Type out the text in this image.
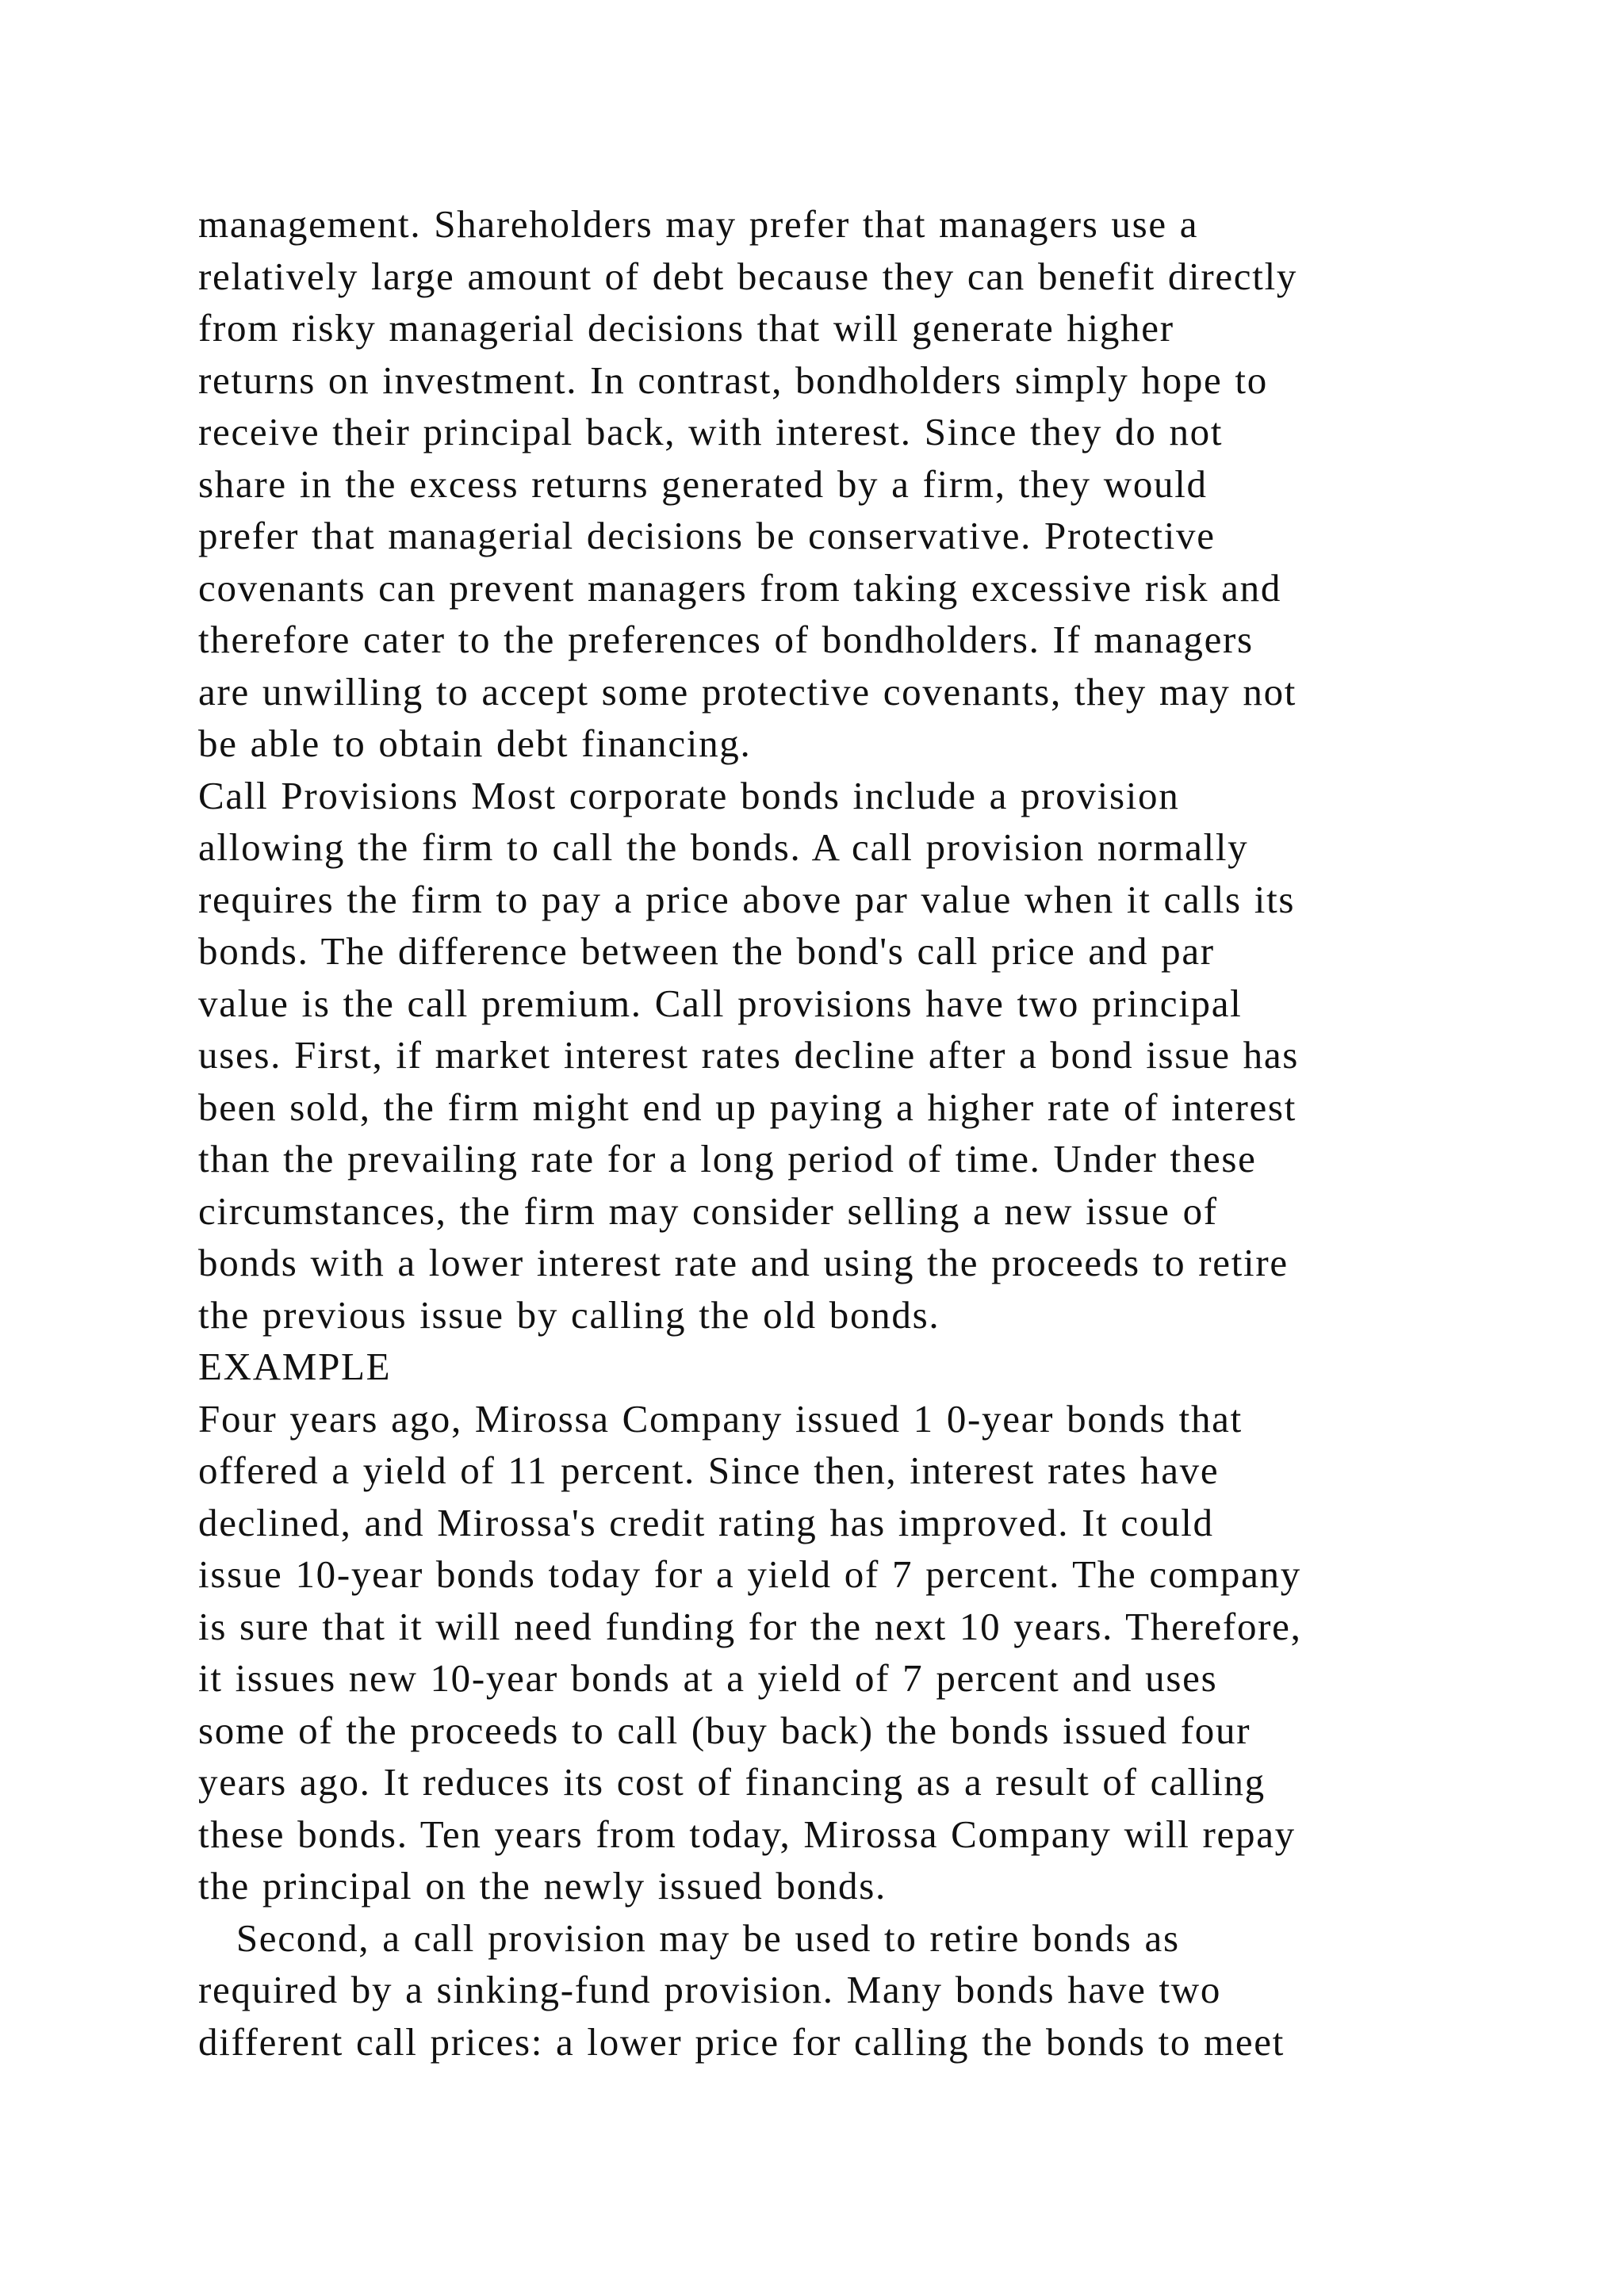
management. Shareholders may prefer that managers use a
relatively large amount of debt because they can benefit directly
from risky managerial decisions that will generate higher
returns on investment. In contrast, bondholders simply hope to
receive their principal back, with interest. Since they do not
share in the excess returns generated by a firm, they would
prefer that managerial decisions be conservative. Protective
covenants can prevent managers from taking excessive risk and
therefore cater to the preferences of bondholders. If managers
are unwilling to accept some protective covenants, they may not
be able to obtain debt financing.
Call Provisions Most corporate bonds include a provision
allowing the firm to call the bonds. A call provision normally
requires the firm to pay a price above par value when it calls its
bonds. The difference between the bond's call price and par
value is the call premium. Call provisions have two principal
uses. First, if market interest rates decline after a bond issue has
been sold, the firm might end up paying a higher rate of interest
than the prevailing rate for a long period of time. Under these
circumstances, the firm may consider selling a new issue of
bonds with a lower interest rate and using the proceeds to retire
the previous issue by calling the old bonds.
EXAMPLE
Four years ago, Mirossa Company issued 1 0-year bonds that
offered a yield of 11 percent. Since then, interest rates have
declined, and Mirossa's credit rating has improved. It could
issue 10-year bonds today for a yield of 7 percent. The company
is sure that it will need funding for the next 10 years. Therefore,
it issues new 10-year bonds at a yield of 7 percent and uses
some of the proceeds to call (buy back) the bonds issued four
years ago. It reduces its cost of financing as a result of calling
these bonds. Ten years from today, Mirossa Company will repay
the principal on the newly issued bonds.
Second, a call provision may be used to retire bonds as
required by a sinking-fund provision. Many bonds have two
different call prices: a lower price for calling the bonds to meet
